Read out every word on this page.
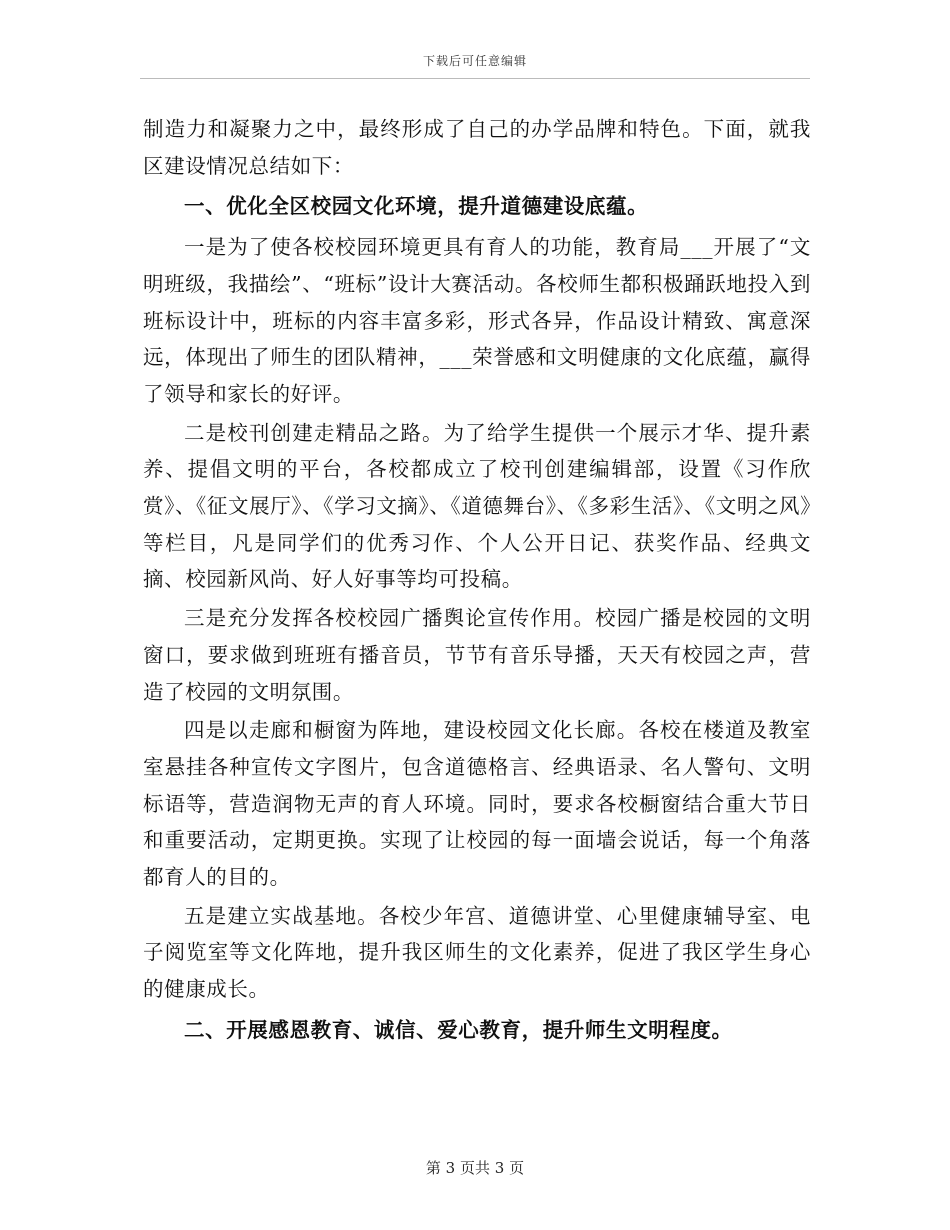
下载后可任意编辑

制造力和凝聚力之中，最终形成了自己的办学品牌和特色。下面，就我区建设情况总结如下：

一、优化全区校园文化环境，提升道德建设底蕴。

一是为了使各校校园环境更具有育人的功能，教育局___开展了“文明班级，我描绘”、“班标”设计大赛活动。各校师生都积极踊跃地投入到班标设计中，班标的内容丰富多彩，形式各异，作品设计精致、寓意深远，体现出了师生的团队精神，___荣誉感和文明健康的文化底蕴，赢得了领导和家长的好评。

二是校刊创建走精品之路。为了给学生提供一个展示才华、提升素养、提倡文明的平台，各校都成立了校刊创建编辑部，设置《习作欣赏》、《征文展厅》、《学习文摘》、《道德舞台》、《多彩生活》、《文明之风》等栏目，凡是同学们的优秀习作、个人公开日记、获奖作品、经典文摘、校园新风尚、好人好事等均可投稿。

三是充分发挥各校校园广播舆论宣传作用。校园广播是校园的文明窗口，要求做到班班有播音员，节节有音乐导播，天天有校园之声，营造了校园的文明氛围。

四是以走廊和橱窗为阵地，建设校园文化长廊。各校在楼道及教室室悬挂各种宣传文字图片，包含道德格言、经典语录、名人警句、文明标语等，营造润物无声的育人环境。同时，要求各校橱窗结合重大节日和重要活动，定期更换。实现了让校园的每一面墙会说话，每一个角落都育人的目的。

五是建立实战基地。各校少年宫、道德讲堂、心里健康辅导室、电子阅览室等文化阵地，提升我区师生的文化素养，促进了我区学生身心的健康成长。

二、开展感恩教育、诚信、爱心教育，提升师生文明程度。

第 3 页共 3 页
